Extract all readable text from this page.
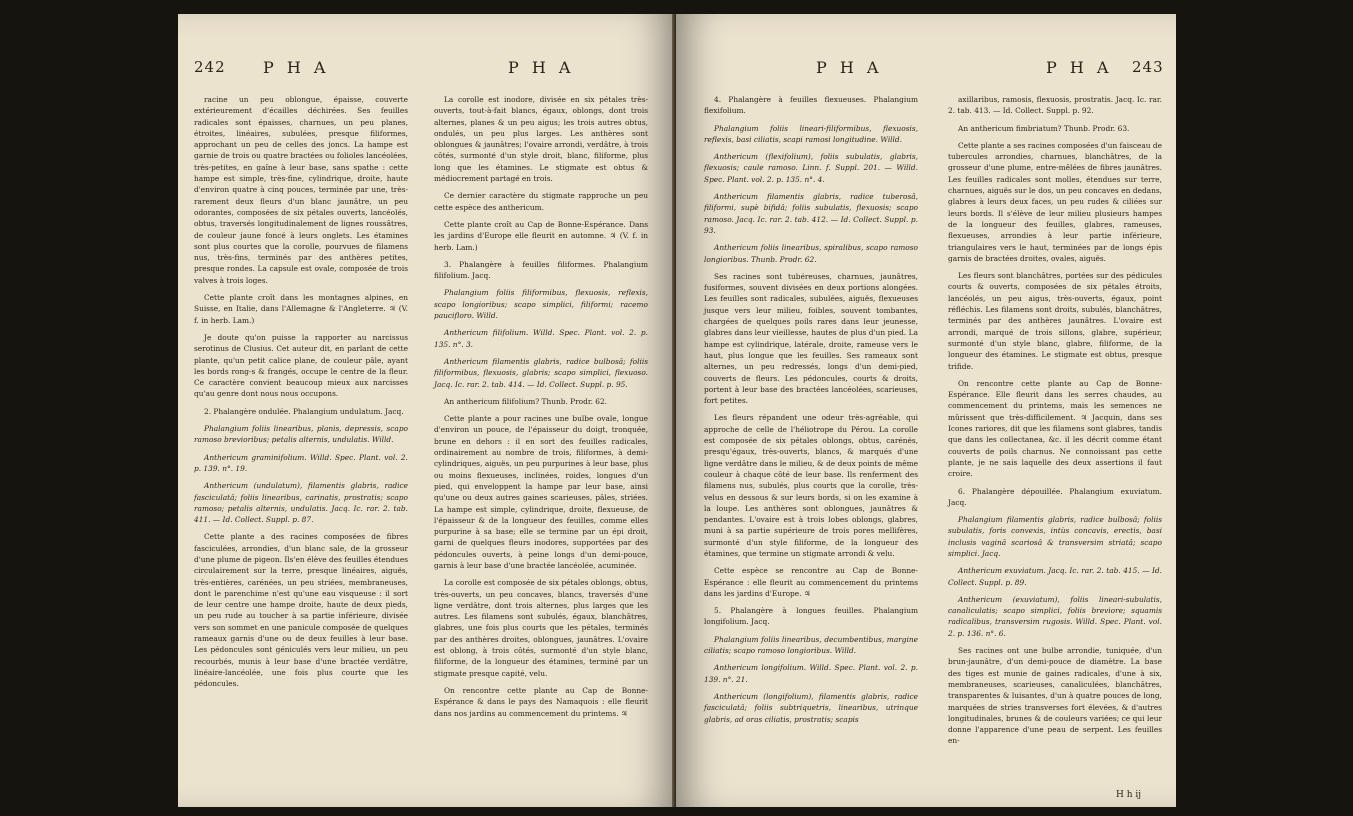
242 P H A	P H A

racine un peu oblongue, épaisse, couverte extérieurement d'écailles déchirées. Ses feuilles radicales sont épaisses, charnues, un peu planes, étroites, linéaires, subulées, presque filiformes, approchant un peu de celles des joncs. La hampe est garnie de trois ou quatre bractées ou folioles lancéolées, très-petites, en gaîne à leur base, sans spathe : cette hampe est simple, très-fine, cylindrique, droite, haute d'environ quatre à cinq pouces, terminée par une, très-rarement deux fleurs d'un blanc jaunâtre, un peu odorantes, composées de six pétales ouverts, lancéolés, obtus, traversés longitudinalement de lignes roussâtres, de couleur jaune foncé à leurs onglets. Les étamines sont plus courtes que la corolle, pourvues de filamens nus, très-fins, terminés par des anthères petites, presque rondes. La capsule est ovale, composée de trois valves à trois loges.

Cette plante croît dans les montagnes alpines, en Suisse, en Italie, dans l'Allemagne & l'Angleterre. ♃ (V. f. in herb. Lam.)

Je doute qu'on puisse la rapporter au narcissus serotinus de Clusius. Cet auteur dit, en parlant de cette plante, qu'un petit calice plane, de couleur pâle, ayant les bords rong-s & frangés, occupe le centre de la fleur. Ce caractère convient beaucoup mieux aux narcisses qu'au genre dont nous nous occupons.

2. Phalangère ondulée. Phalangium undulatum. Jacq.

Phalangium foliis linearibus, planis, depressis, scapo ramoso brevioribus; petalis alternis, undulatis. Willd.

Anthericum graminifolium. Willd. Spec. Plant. vol. 2. p. 139. n°. 19.

Anthericum (undulatum), filamentis glabris, radice fasciculatâ; foliis linearibus, carinatis, prostratis; scapo ramoso; petalis alternis, undulatis. Jacq. Ic. rar. 2. tab. 411. — Id. Collect. Suppl. p. 87.

Cette plante a des racines composées de fibres fasciculées, arrondies, d'un blanc sale, de la grosseur d'une plume de pigeon. Ils'en élève des feuilles étendues circulairement sur la terre, presque linéaires, aiguës, très-entières, carénées, un peu striées, membraneuses, dont le parenchime n'est qu'une eau visqueuse : il sort de leur centre une hampe droite, haute de deux pieds, un peu rude au toucher à sa partie inférieure, divisée vers son sommet en une panicule composée de quelques rameaux garnis d'une ou de deux feuilles à leur base. Les pédoncules sont géniculés vers leur milieu, un peu recourbés, munis à leur base d'une bractée verdâtre, linéaire-lancéolée, une fois plus courte que les pédoncules.

La corolle est inodore, divisée en six pétales très-ouverts, tout-à-fait blancs, égaux, oblongs, dont trois alternes, planes & un peu aigus; les trois autres obtus, ondulés, un peu plus larges. Les anthères sont oblongues & jaunâtres; l'ovaire arrondi, verdâtre, à trois côtés, surmonté d'un style droit, blanc, filiforme, plus long que les étamines. Le stigmate est obtus & médiocrement partagé en trois.

Ce dernier caractère du stigmate rapproche un peu cette espèce des anthericum.

Cette plante croît au Cap de Bonne-Espérance. Dans les jardins d'Europe elle fleurit en automne. ♃ (V. f. in herb. Lam.)

3. Phalangère à feuilles filiformes. Phalangium filifolium. Jacq.

Phalangium foliis filiformibus, flexuosis, reflexis, scapo longioribus; scapo simplici, filiformi; racemo paucifloro. Willd.

Anthericum filifolium. Willd. Spec. Plant. vol. 2. p. 135. n°. 3.

Anthericum filamentis glabris, radice bulbosâ; foliis filiformibus, flexuosis, glabris; scapo simplici, flexuoso. Jacq. Ic. rar. 2. tab. 414. — Id. Collect. Suppl. p. 95.

An anthericum filifolium? Thunb. Prodr. 62.

Cette plante a pour racines une bulbe ovale, longue d'environ un pouce, de l'épaisseur du doigt, tronquée, brune en dehors : il en sort des feuilles radicales, ordinairement au nombre de trois, filiformes, à demi-cylindriques, aiguës, un peu purpurines à leur base, plus ou moins flexueuses, inclinées, roides, longues d'un pied, qui enveloppent la hampe par leur base, ainsi qu'une ou deux autres gaines scarieuses, pâles, striées. La hampe est simple, cylindrique, droite, flexueuse, de l'épaisseur & de la longueur des feuilles, comme elles purpurine à sa base; elle se termine par un épi droit, garni de quelques fleurs inodores, supportées par des pédoncules ouverts, à peine longs d'un demi-pouce, garnis à leur base d'une bractée lancéolée, acuminée.

La corolle est composée de six pétales oblongs, obtus, très-ouverts, un peu concaves, blancs, traversés d'une ligne verdâtre, dont trois alternes, plus larges que les autres. Les filamens sont subulés, égaux, blanchâtres, glabres, une fois plus courts que les pétales, terminés par des anthères droites, oblongues, jaunâtres. L'ovaire est oblong, à trois côtés, surmonté d'un style blanc, filiforme, de la longueur des étamines, terminé par un stigmate presque capité, velu.

On rencontre cette plante au Cap de Bonne-Espérance & dans le pays des Namaquois : elle fleurit dans nos jardins au commencement du printems. ♃

P H A	P H A 243

4. Phalangère à feuilles flexueuses. Phalangium flexifolium.

Phalangium foliis lineari-filiformibus, flexuosis, reflexis, basi ciliatis, scapi ramosi longitudine. Willd.

Anthericum (flexifolium), foliis subulatis, glabris, flexuosis; caule ramoso. Linn. f. Suppl. 201. — Willd. Spec. Plant. vol. 2. p. 135. n°. 4.

Anthericum filamentis glabris, radice tuberosâ, filiformi, supè bifidâ; foliis subulatis, flexuosis; scapo ramoso. Jacq. Ic. rar. 2. tab. 412. — Id. Collect. Suppl. p. 93.

Anthericum foliis linearibus, spiralibus, scapo ramoso longioribus. Thunb. Prodr. 62.

Ses racines sont tubéreuses, charnues, jaunâtres, fusiformes, souvent divisées en deux portions alongées. Les feuilles sont radicales, subulées, aiguës, flexueuses jusque vers leur milieu, foibles, souvent tombantes, chargées de quelques poils rares dans leur jeunesse, glabres dans leur vieillesse, hautes de plus d'un pied. La hampe est cylindrique, latérale, droite, rameuse vers le haut, plus longue que les feuilles. Ses rameaux sont alternes, un peu redressés, longs d'un demi-pied, couverts de fleurs. Les pédoncules, courts & droits, portent à leur base des bractées lancéolées, scarieuses, fort petites.

Les fleurs répandent une odeur très-agréable, qui approche de celle de l'héliotrope du Pérou. La corolle est composée de six pétales oblongs, obtus, carénés, presqu'égaux, très-ouverts, blancs, & marqués d'une ligne verdâtre dans le milieu, & de deux points de même couleur à chaque côté de leur base. Ils renferment des filamens nus, subulés, plus courts que la corolle, très-velus en dessous & sur leurs bords, si on les examine à la loupe. Les anthères sont oblongues, jaunâtres & pendantes. L'ovaire est à trois lobes oblongs, glabres, muni à sa partie supérieure de trois pores mellifères, surmonté d'un style filiforme, de la longueur des étamines, que termine un stigmate arrondi & velu.

Cette espèce se rencontre au Cap de Bonne-Espérance : elle fleurit au commencement du printems dans les jardins d'Europe. ♃

5. Phalangère à longues feuilles. Phalangium longifolium. Jacq.

Phalangium foliis linearibus, decumbentibus, margine ciliatis; scapo ramoso longioribus. Willd.

Anthericum longifolium. Willd. Spec. Plant. vol. 2. p. 139. n°. 21.

Anthericum (longifolium), filamentis glabris, radice fasciculatâ; foliis subtriquetris, linearibus, utrinque glabris, ad oras ciliatis, prostratis; scapis

axillaribus, ramosis, flexuosis, prostratis. Jacq. Ic. rar. 2. tab. 413. — Id. Collect. Suppl. p. 92.

An anthericum fimbriatum? Thunb. Prodr. 63.

Cette plante a ses racines composées d'un faisceau de tubercules arrondies, charnues, blanchâtres, de la grosseur d'une plume, entre-mêlées de fibres jaunâtres. Les feuilles radicales sont molles, étendues sur terre, charnues, aiguës sur le dos, un peu concaves en dedans, glabres à leurs deux faces, un peu rudes & ciliées sur leurs bords. Il s'élève de leur milieu plusieurs hampes de la longueur des feuilles, glabres, rameuses, flexueuses, arrondies à leur partie inférieure, triangulaires vers le haut, terminées par de longs épis garnis de bractées droites, ovales, aiguës.

Les fleurs sont blanchâtres, portées sur des pédicules courts & ouverts, composées de six pétales étroits, lancéolés, un peu aigus, très-ouverts, égaux, point réfléchis. Les filamens sont droits, subulés, blanchâtres, terminés par des anthères jaunâtres. L'ovaire est arrondi, marqué de trois sillons, glabre, supérieur, surmonté d'un style blanc, glabre, filiforme, de la longueur des étamines. Le stigmate est obtus, presque trifide.

On rencontre cette plante au Cap de Bonne-Espérance. Elle fleurit dans les serres chaudes, au commencement du printems, mais les semences ne mûrissent que très-difficilement. ♃ Jacquin, dans ses Icones rariores, dit que les filamens sont glabres, tandis que dans les collectanea, &c. il les décrit comme étant couverts de poils charnus. Ne connoissant pas cette plante, je ne sais laquelle des deux assertions il faut croire.

6. Phalangère dépouillée. Phalangium exuviatum. Jacq.

Phalangium filamentis glabris, radice bulbosâ; foliis subulatis, foris convexis, intùs concavis, erectis, basi inclusis vaginâ scariosâ & transversim striatâ; scapo simplici. Jacq.

Anthericum exuviatum. Jacq. Ic. rar. 2. tab. 415. — Id. Collect. Suppl. p. 89.

Anthericum (exuviatum), foliis lineari-subulatis, canaliculatis; scapo simplici, foliis breviore; squamis radicalibus, transversim rugosis. Willd. Spec. Plant. vol. 2. p. 136. n°. 6.

Ses racines ont une bulbe arrondie, tuniquée, d'un brun-jaunâtre, d'un demi-pouce de diamètre. La base des tiges est munie de gaines radicales, d'une à six, membraneuses, scarieuses, canaliculées, blanchâtres, transparentes & luisantes, d'un à quatre pouces de long, marquées de stries transverses fort élevées, & d'autres longitudinales, brunes & de couleurs variées; ce qui leur donne l'apparence d'une peau de serpent. Les feuilles en-

H h ij
